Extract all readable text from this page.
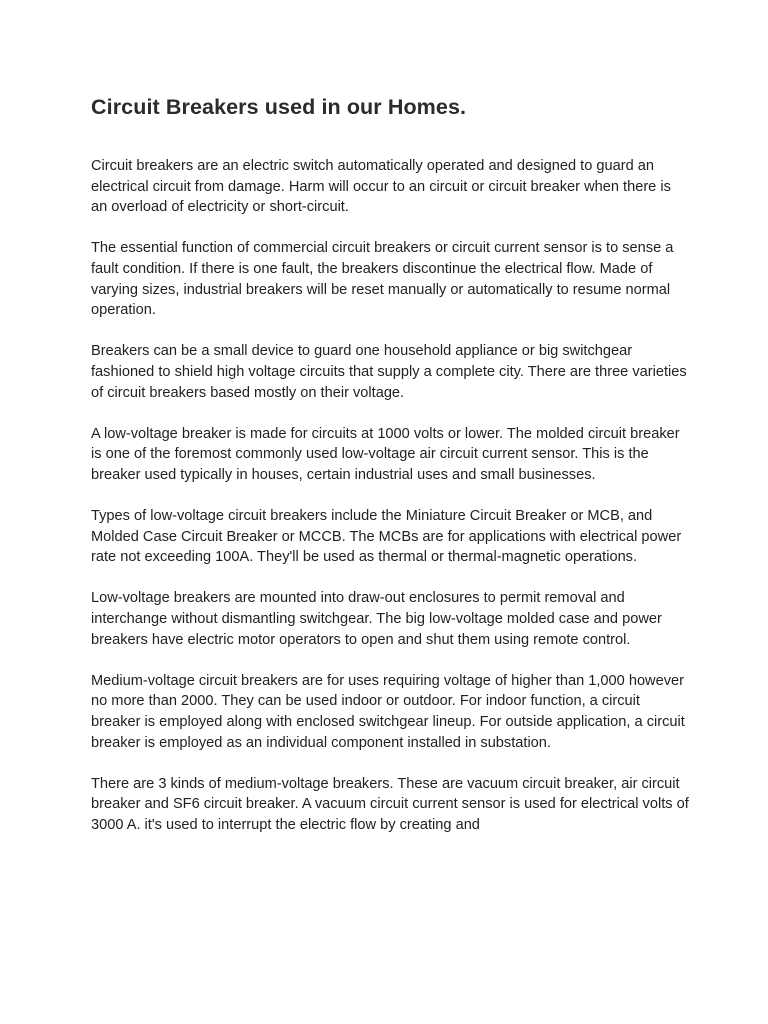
Circuit Breakers used in our Homes.

Circuit breakers are an electric switch automatically operated and designed to guard an electrical circuit from damage. Harm will occur to an circuit or circuit breaker when there is an overload of electricity or short-circuit.

The essential function of commercial circuit breakers or circuit current sensor is to sense a fault condition. If there is one fault, the breakers discontinue the electrical flow. Made of varying sizes, industrial breakers will be reset manually or automatically to resume normal operation.

Breakers can be a small device to guard one household appliance or big switchgear fashioned to shield high voltage circuits that supply a complete city. There are three varieties of circuit breakers based mostly on their voltage.

A low-voltage breaker is made for circuits at 1000 volts or lower. The molded circuit breaker is one of the foremost commonly used low-voltage air circuit current sensor. This is the breaker used typically in houses, certain industrial uses and small businesses.

Types of low-voltage circuit breakers include the Miniature Circuit Breaker or MCB, and Molded Case Circuit Breaker or MCCB. The MCBs are for applications with electrical power rate not exceeding 100A. They'll be used as thermal or thermal-magnetic operations.

Low-voltage breakers are mounted into draw-out enclosures to permit removal and interchange without dismantling switchgear. The big low-voltage molded case and power breakers have electric motor operators to open and shut them using remote control.

Medium-voltage circuit breakers are for uses requiring voltage of higher than 1,000 however no more than 2000. They can be used indoor or outdoor. For indoor function, a circuit breaker is employed along with enclosed switchgear lineup. For outside application, a circuit breaker is employed as an individual component installed in substation.

There are 3 kinds of medium-voltage breakers. These are vacuum circuit breaker, air circuit breaker and SF6 circuit breaker. A vacuum circuit current sensor is used for electrical volts of 3000 A. it's used to interrupt the electric flow by creating and
